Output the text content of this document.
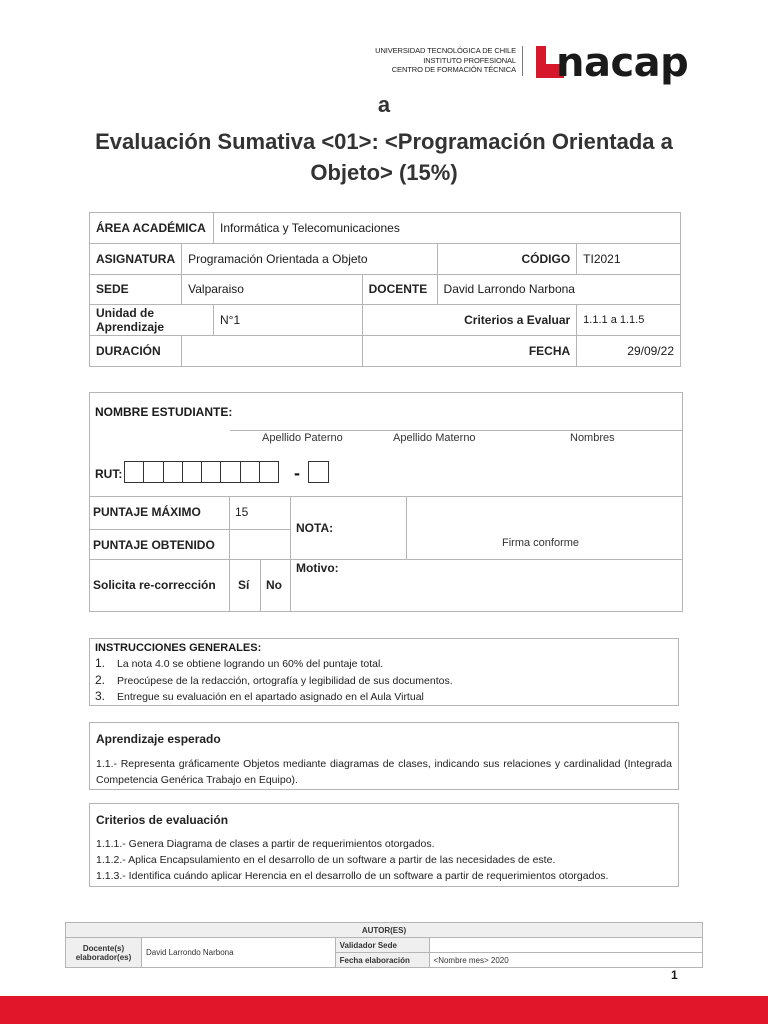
UNIVERSIDAD TECNOLÓGICA DE CHILE
INSTITUTO PROFESIONAL
CENTRO DE FORMACIÓN TÉCNICA nacap
a
Evaluación Sumativa <01>: <Programación Orientada a Objeto> (15%)
ÁREA ACADÉMICA		Informática y Telecomunicaciones			
ASIGNATURA	Programación Orientada a Objeto			CÓDIGO	TI2021
SEDE	Valparaiso		DOCENTE	David Larrondo Narbona	
Unidad de Aprendizaje		N°1	Criterios a Evaluar		1.1.1 a 1.1.5
DURACIÓN			FECHA		29/09/22
NOMBRE ESTUDIANTE:
Apellido Paterno	Apellido Materno	Nombres
RUT:	-
PUNTAJE MÁXIMO	15
PUNTAJE OBTENIDO
NOTA:
Firma conforme
Solicita re-corrección Sí No
Motivo:
INSTRUCCIONES GENERALES:
1. La nota 4.0 se obtiene logrando un 60% del puntaje total.
2. Preocúpese de la redacción, ortografía y legibilidad de sus documentos.
3. Entregue su evaluación en el apartado asignado en el Aula Virtual
Aprendizaje esperado
1.1.- Representa gráficamente Objetos mediante diagramas de clases, indicando sus relaciones y cardinalidad (Integrada Competencia Genérica Trabajo en Equipo).
Criterios de evaluación
1.1.1.- Genera Diagrama de clases a partir de requerimientos otorgados.
1.1.2.- Aplica Encapsulamiento en el desarrollo de un software a partir de las necesidades de este.
1.1.3.- Identifica cuándo aplicar Herencia en el desarrollo de un software a partir de requerimientos otorgados.
AUTOR(ES)			
Docente(s) elaborador(es)	David Larrondo Narbona	Validador Sede	
		Fecha elaboración	<Nombre mes> 2020
1
